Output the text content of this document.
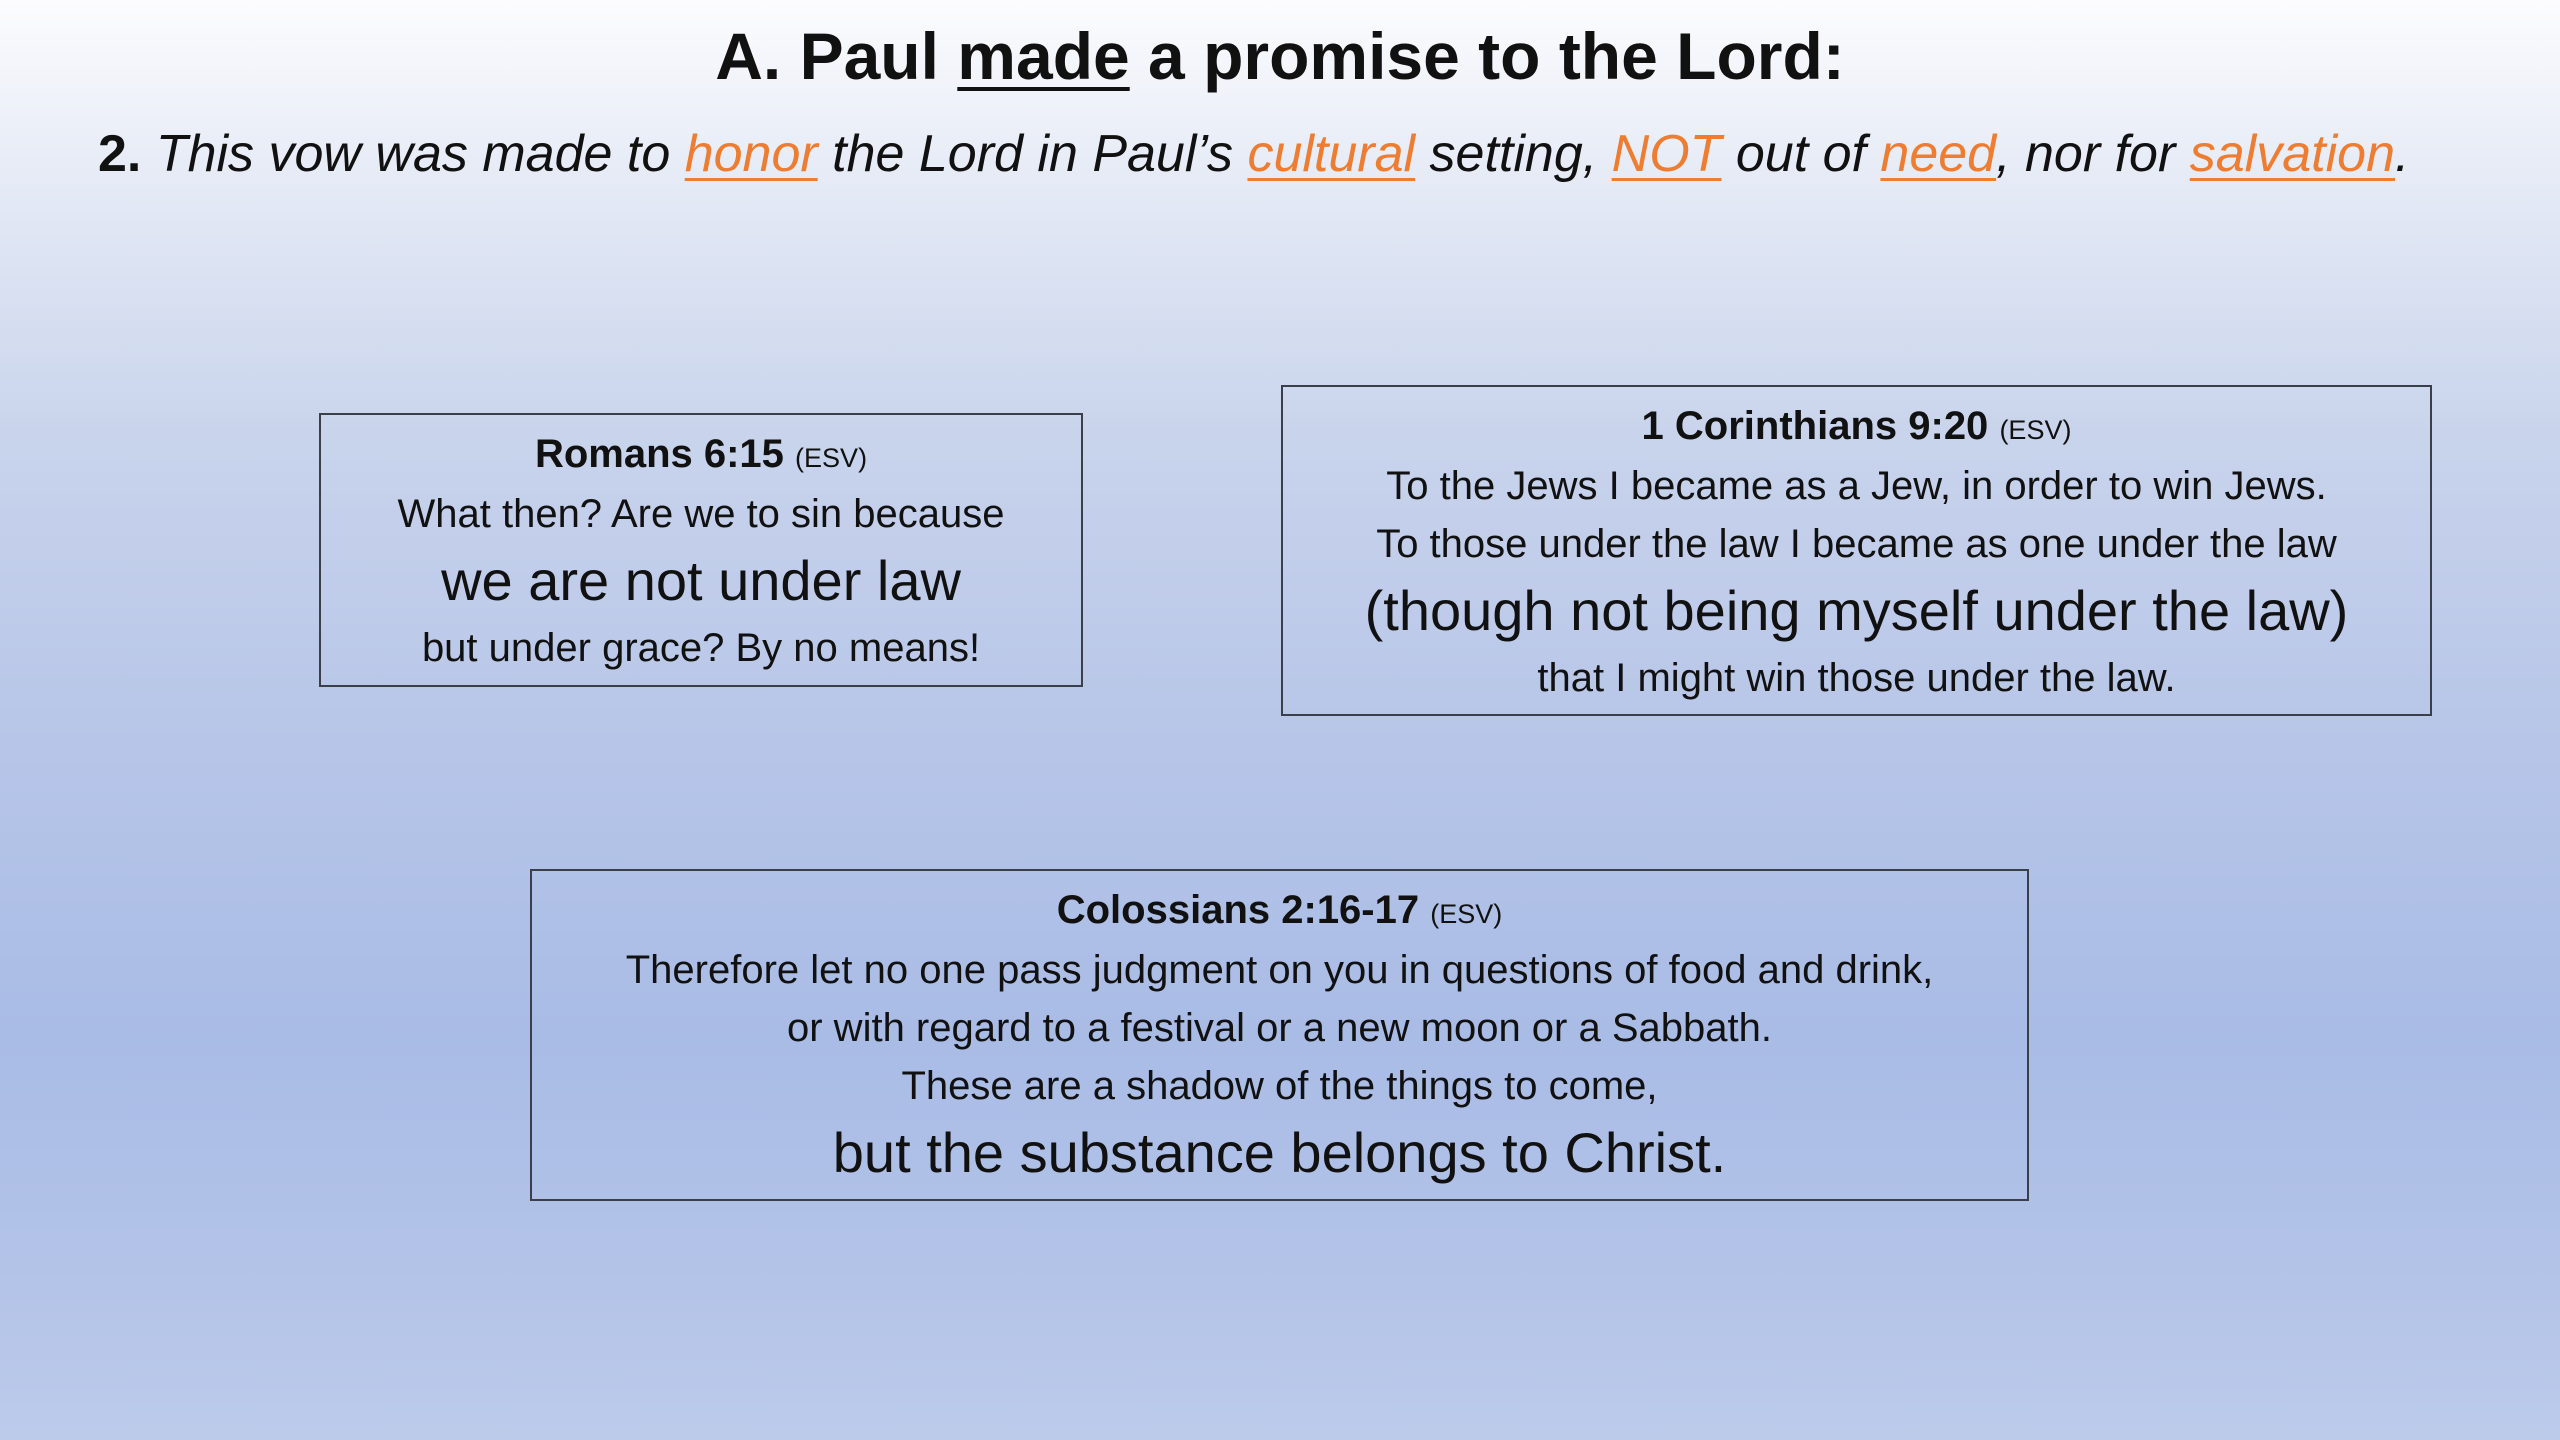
A. Paul made a promise to the Lord:

2. This vow was made to honor the Lord in Paul’s cultural setting, NOT out of need, nor for salvation.

Romans 6:15 (ESV)
What then? Are we to sin because
we are not under law
but under grace? By no means!
1 Corinthians 9:20 (ESV)
To the Jews I became as a Jew, in order to win Jews.
To those under the law I became as one under the law
(though not being myself under the law)
that I might win those under the law.
Colossians 2:16-17 (ESV)
Therefore let no one pass judgment on you in questions of food and drink,
or with regard to a festival or a new moon or a Sabbath.
These are a shadow of the things to come,
but the substance belongs to Christ.
